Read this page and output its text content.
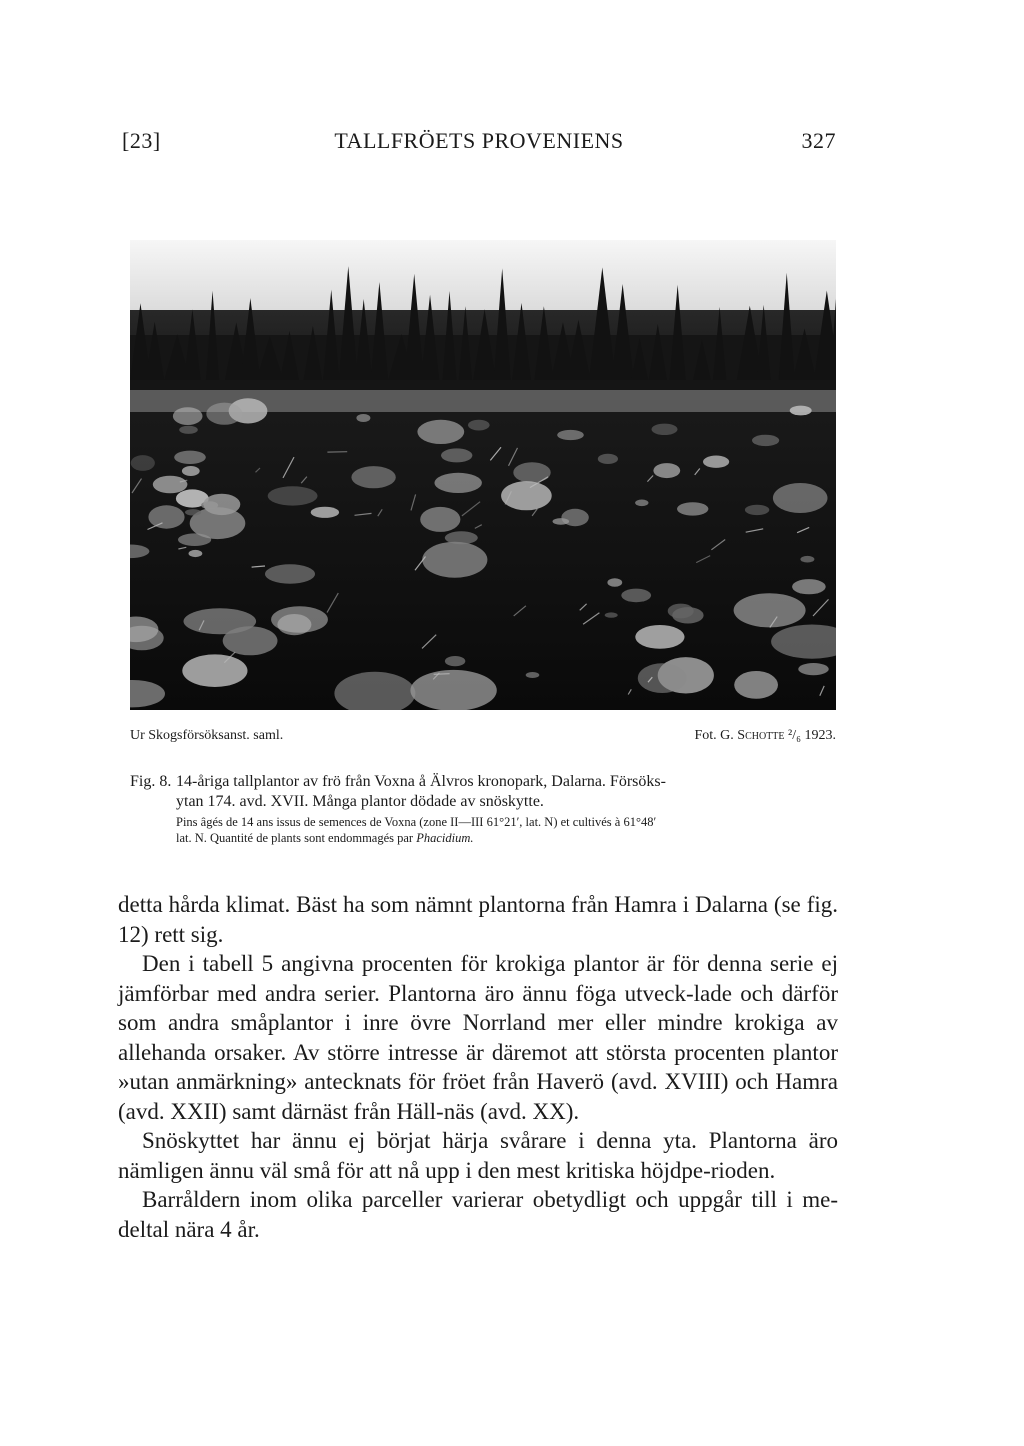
[23]	TALLFRÖETS PROVENIENS	327
Ur Skogsförsöksanst. saml.	Fot. G. Schotte ²/₆ 1923.
Fig. 8. 14-åriga tallplantor av frö från Voxna å Älvros kronopark, Dalarna. Försöks-
ytan 174. avd. XVII. Många plantor dödade av snöskytte.
Pins âgés de 14 ans issus de semences de Voxna (zone II—III 61°21′, lat. N) et cultivés à 61°48′
lat. N. Quantité de plants sont endommagés par Phacidium.

detta hårda klimat. Bäst ha som nämnt plantorna från Hamra i Dalarna (se fig. 12) rett sig.

Den i tabell 5 angivna procenten för krokiga plantor är för denna serie ej jämförbar med andra serier. Plantorna äro ännu föga utveck-lade och därför som andra småplantor i inre övre Norrland mer eller mindre krokiga av allehanda orsaker. Av större intresse är däremot att största procenten plantor »utan anmärkning» antecknats för fröet från Haverö (avd. XVIII) och Hamra (avd. XXII) samt därnäst från Häll-näs (avd. XX).

Snöskyttet har ännu ej börjat härja svårare i denna yta. Plantorna äro nämligen ännu väl små för att nå upp i den mest kritiska höjdpe-rioden.

Barråldern inom olika parceller varierar obetydligt och uppgår till i me-deltal nära 4 år.
